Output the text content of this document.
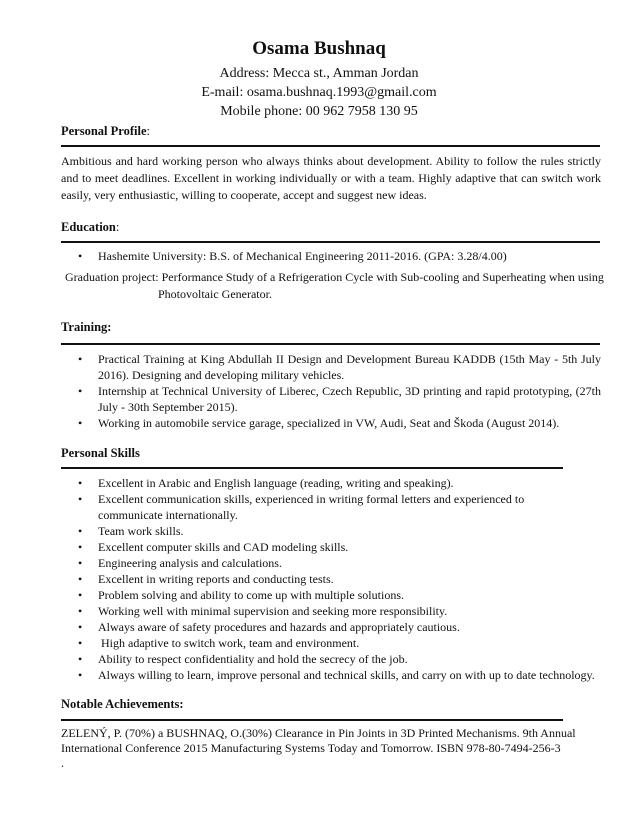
Osama Bushnaq
Address: Mecca st., Amman Jordan
E-mail: osama.bushnaq.1993@gmail.com
Mobile phone: 00 962 7958 130 95
Personal Profile:
Ambitious and hard working person who always thinks about development. Ability to follow the rules strictly and to meet deadlines. Excellent in working individually or with a team. Highly adaptive that can switch work easily, very enthusiastic, willing to cooperate, accept and suggest new ideas.
Education:
• Hashemite University: B.S. of Mechanical Engineering 2011-2016. (GPA: 3.28/4.00)
Graduation project: Performance Study of a Refrigeration Cycle with Sub-cooling and Superheating when using
Photovoltaic Generator.
Training:
• Practical Training at King Abdullah II Design and Development Bureau KADDB (15th May - 5th July 2016). Designing and developing military vehicles.
• Internship at Technical University of Liberec, Czech Republic, 3D printing and rapid prototyping, (27th July - 30th September 2015).
• Working in automobile service garage, specialized in VW, Audi, Seat and Škoda (August 2014).
Personal Skills
• Excellent in Arabic and English language (reading, writing and speaking).
• Excellent communication skills, experienced in writing formal letters and experienced to communicate internationally.
• Team work skills.
• Excellent computer skills and CAD modeling skills.
• Engineering analysis and calculations.
• Excellent in writing reports and conducting tests.
• Problem solving and ability to come up with multiple solutions.
• Working well with minimal supervision and seeking more responsibility.
• Always aware of safety procedures and hazards and appropriately cautious.
• High adaptive to switch work, team and environment.
• Ability to respect confidentiality and hold the secrecy of the job.
• Always willing to learn, improve personal and technical skills, and carry on with up to date technology.
Notable Achievements:
ZELENÝ, P. (70%) a BUSHNAQ, O.(30%) Clearance in Pin Joints in 3D Printed Mechanisms. 9th Annual International Conference 2015 Manufacturing Systems Today and Tomorrow. ISBN 978-80-7494-256-3
.
